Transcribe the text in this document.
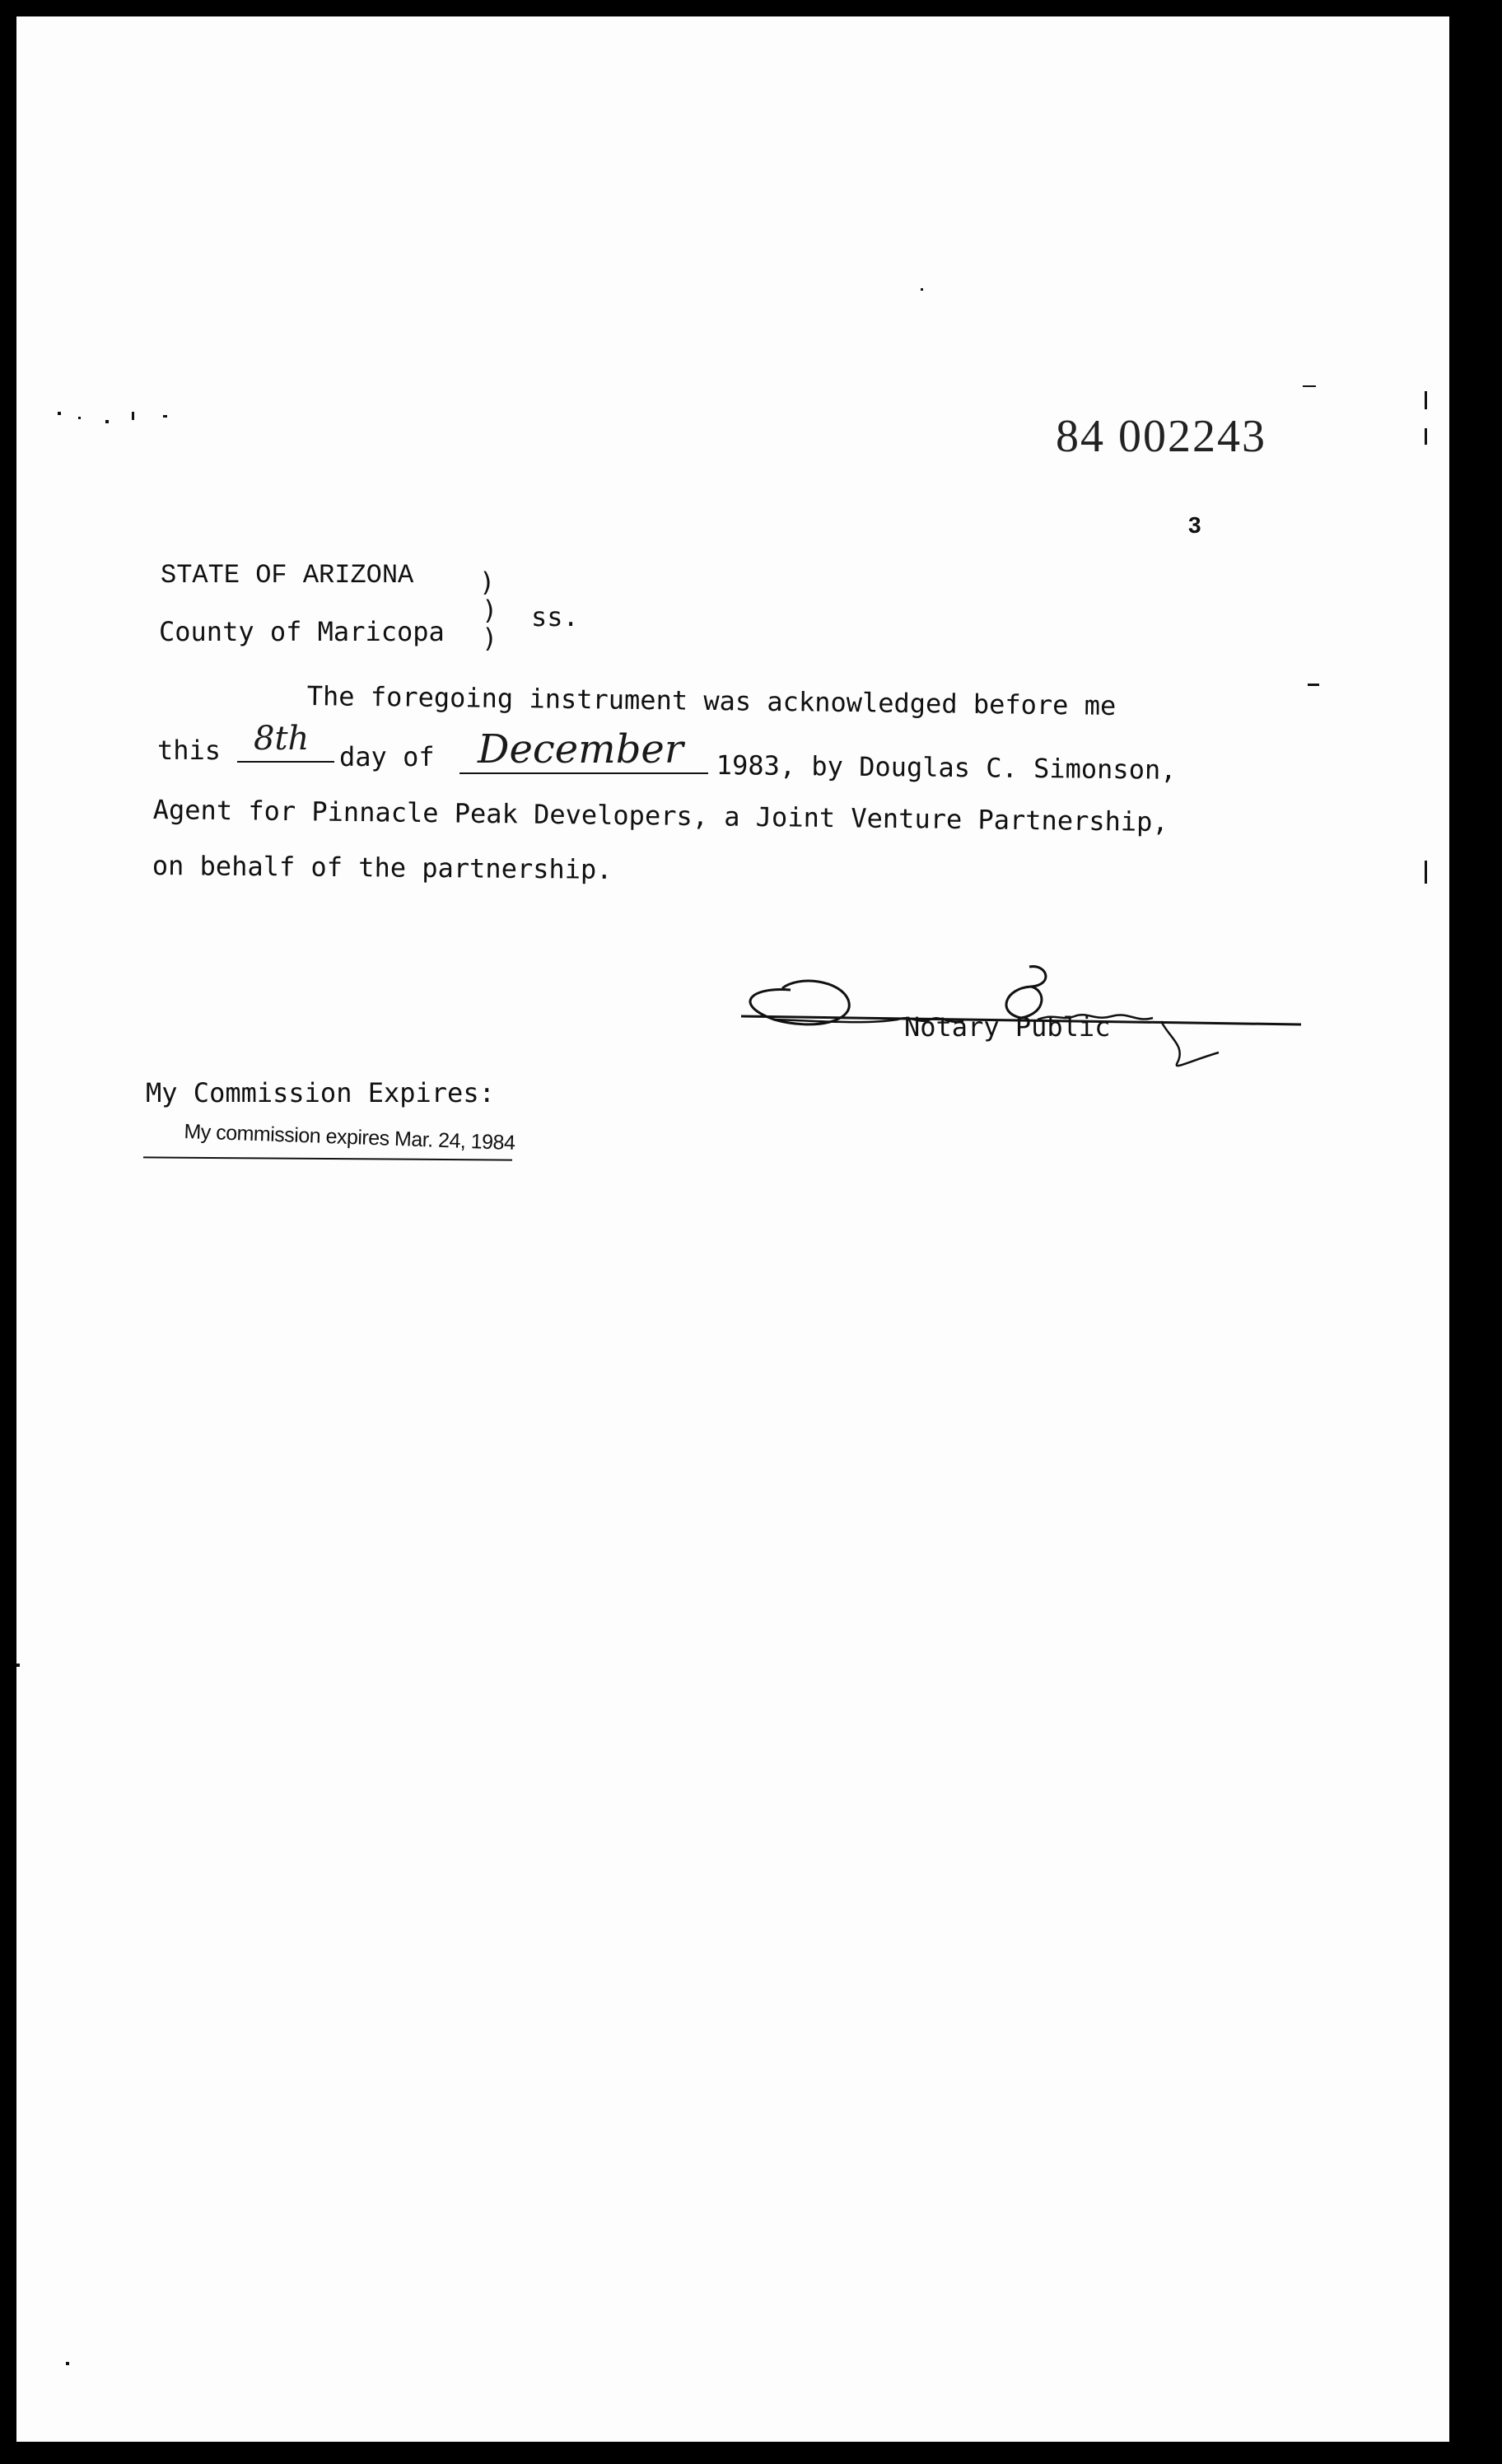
84 002243
3
STATE OF ARIZONA
County of Maricopa
)
)
)
ss.
The foregoing instrument was acknowledged before me
this 8th day of December 1983, by Douglas C. Simonson,
Agent for Pinnacle Peak Developers, a Joint Venture Partnership,
on behalf of the partnership.
Notary Public
My Commission Expires:
My commission expires Mar. 24, 1984
